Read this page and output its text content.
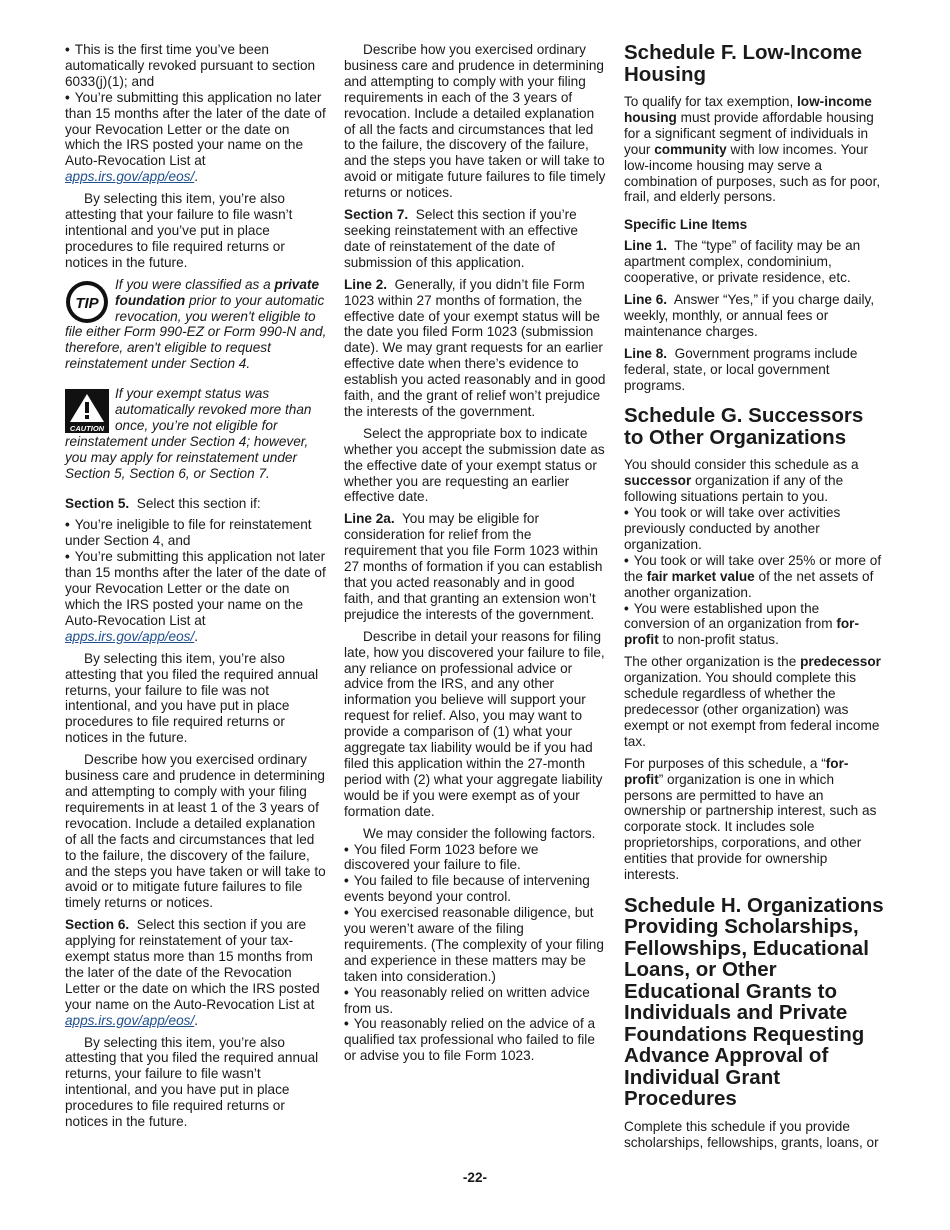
• This is the first time you’ve been automatically revoked pursuant to section 6033(j)(1); and

• You’re submitting this application no later than 15 months after the later of the date of your Revocation Letter or the date on which the IRS posted your name on the Auto-Revocation List at apps.irs.gov/app/eos/.

By selecting this item, you’re also attesting that your failure to file wasn’t intentional and you’ve put in place procedures to file required returns or notices in the future.

TIP
If you were classified as a private foundation prior to your automatic revocation, you weren't eligible to file either Form 990-EZ or Form 990-N and, therefore, aren't eligible to request reinstatement under Section 4.
CAUTION
If your exempt status was automatically revoked more than once, you’re not eligible for reinstatement under Section 4; however, you may apply for reinstatement under Section 5, Section 6, or Section 7.

Section 5. Select this section if:

• You’re ineligible to file for reinstatement under Section 4, and

• You’re submitting this application not later than 15 months after the later of the date of your Revocation Letter or the date on which the IRS posted your name on the Auto-Revocation List at apps.irs.gov/app/eos/.

By selecting this item, you’re also attesting that you filed the required annual returns, your failure to file was not intentional, and you have put in place procedures to file required returns or notices in the future.

Describe how you exercised ordinary business care and prudence in determining and attempting to comply with your filing requirements in at least 1 of the 3 years of revocation. Include a detailed explanation of all the facts and circumstances that led to the failure, the discovery of the failure, and the steps you have taken or will take to avoid or to mitigate future failures to file timely returns or notices.

Section 6. Select this section if you are applying for reinstatement of your tax-exempt status more than 15 months from the later of the date of the Revocation Letter or the date on which the IRS posted your name on the Auto-Revocation List at apps.irs.gov/app/eos/.

By selecting this item, you’re also attesting that you filed the required annual returns, your failure to file wasn’t intentional, and you have put in place procedures to file required returns or notices in the future.

Describe how you exercised ordinary business care and prudence in determining and attempting to comply with your filing requirements in each of the 3 years of revocation. Include a detailed explanation of all the facts and circumstances that led to the failure, the discovery of the failure, and the steps you have taken or will take to avoid or mitigate future failures to file timely returns or notices.

Section 7. Select this section if you’re seeking reinstatement with an effective date of reinstatement of the date of submission of this application.

Line 2. Generally, if you didn’t file Form 1023 within 27 months of formation, the effective date of your exempt status will be the date you filed Form 1023 (submission date). We may grant requests for an earlier effective date when there’s evidence to establish you acted reasonably and in good faith, and the grant of relief won’t prejudice the interests of the government.

Select the appropriate box to indicate whether you accept the submission date as the effective date of your exempt status or whether you are requesting an earlier effective date.

Line 2a. You may be eligible for consideration for relief from the requirement that you file Form 1023 within 27 months of formation if you can establish that you acted reasonably and in good faith, and that granting an extension won’t prejudice the interests of the government.

Describe in detail your reasons for filing late, how you discovered your failure to file, any reliance on professional advice or advice from the IRS, and any other information you believe will support your request for relief. Also, you may want to provide a comparison of (1) what your aggregate tax liability would be if you had filed this application within the 27-month period with (2) what your aggregate liability would be if you were exempt as of your formation date.

We may consider the following factors.

• You filed Form 1023 before we discovered your failure to file.

• You failed to file because of intervening events beyond your control.

• You exercised reasonable diligence, but you weren’t aware of the filing requirements. (The complexity of your filing and experience in these matters may be taken into consideration.)

• You reasonably relied on written advice from us.

• You reasonably relied on the advice of a qualified tax professional who failed to file or advise you to file Form 1023.

Schedule F. Low-Income Housing

To qualify for tax exemption, low-income housing must provide affordable housing for a significant segment of individuals in your community with low incomes. Your low-income housing may serve a combination of purposes, such as for poor, frail, and elderly persons.

Specific Line Items

Line 1. The “type” of facility may be an apartment complex, condominium, cooperative, or private residence, etc.

Line 6. Answer “Yes,” if you charge daily, weekly, monthly, or annual fees or maintenance charges.

Line 8. Government programs include federal, state, or local government programs.

Schedule G. Successors to Other Organizations

You should consider this schedule as a successor organization if any of the following situations pertain to you.

• You took or will take over activities previously conducted by another organization.

• You took or will take over 25% or more of the fair market value of the net assets of another organization.

• You were established upon the conversion of an organization from for-profit to non-profit status.

The other organization is the predecessor organization. You should complete this schedule regardless of whether the predecessor (other organization) was exempt or not exempt from federal income tax.

For purposes of this schedule, a “for-profit” organization is one in which persons are permitted to have an ownership or partnership interest, such as corporate stock. It includes sole proprietorships, corporations, and other entities that provide for ownership interests.

Schedule H. Organizations Providing Scholarships, Fellowships, Educational Loans, or Other Educational Grants to Individuals and Private Foundations Requesting Advance Approval of Individual Grant Procedures

Complete this schedule if you provide scholarships, fellowships, grants, loans, or

-22-
